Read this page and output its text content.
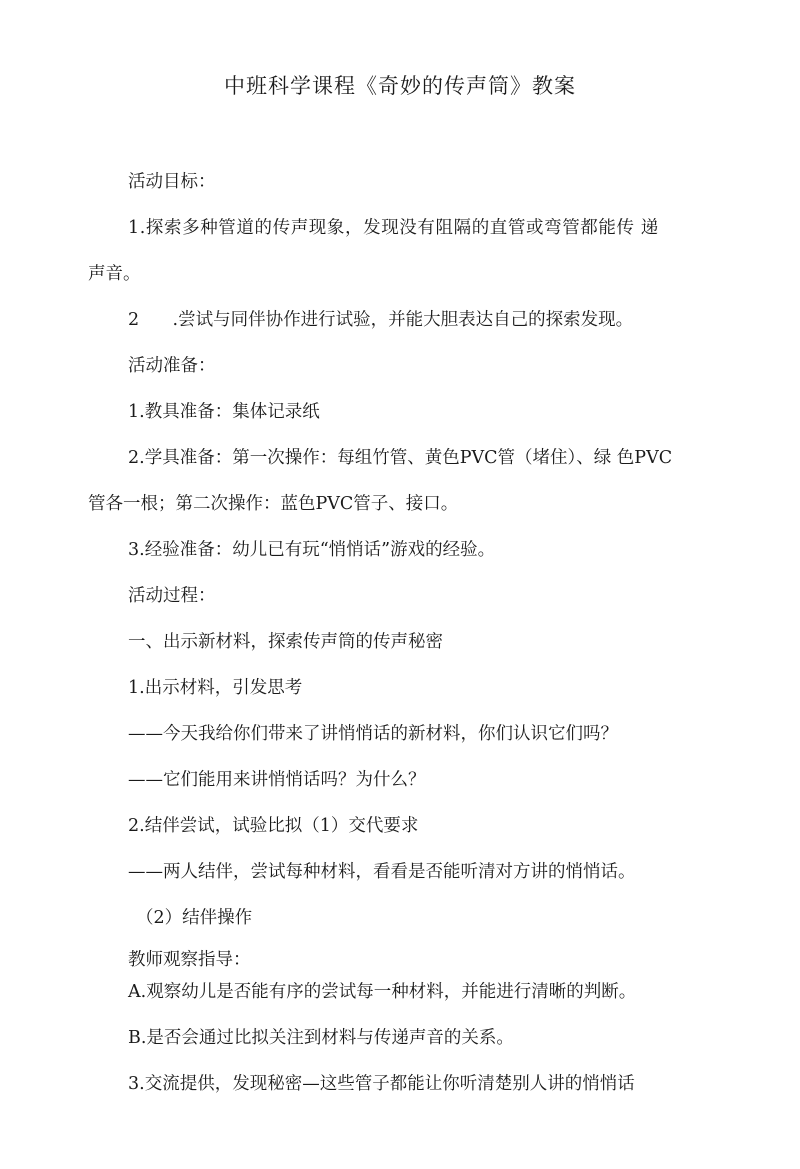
中班科学课程《奇妙的传声筒》教案
活动目标：
1.探索多种管道的传声现象，发现没有阻隔的直管或弯管都能传 递
声音。
2      .尝试与同伴协作进行试验，并能大胆表达自己的探索发现。
活动准备：
1.教具准备：集体记录纸
2.学具准备：第一次操作：每组竹管、黄色PVC管（堵住）、绿 色PVC
管各一根；第二次操作：蓝色PVC管子、接口。
3.经验准备：幼儿已有玩“悄悄话”游戏的经验。
活动过程：
一、出示新材料，探索传声筒的传声秘密
1.出示材料，引发思考
——今天我给你们带来了讲悄悄话的新材料，你们认识它们吗？
——它们能用来讲悄悄话吗？为什么？
2.结伴尝试，试验比拟（1）交代要求
——两人结伴，尝试每种材料，看看是否能听清对方讲的悄悄话。
（2）结伴操作
教师观察指导：
A.观察幼儿是否能有序的尝试每一种材料，并能进行清晰的判断。
B.是否会通过比拟关注到材料与传递声音的关系。
3.交流提供，发现秘密—这些管子都能让你听清楚别人讲的悄悄话
